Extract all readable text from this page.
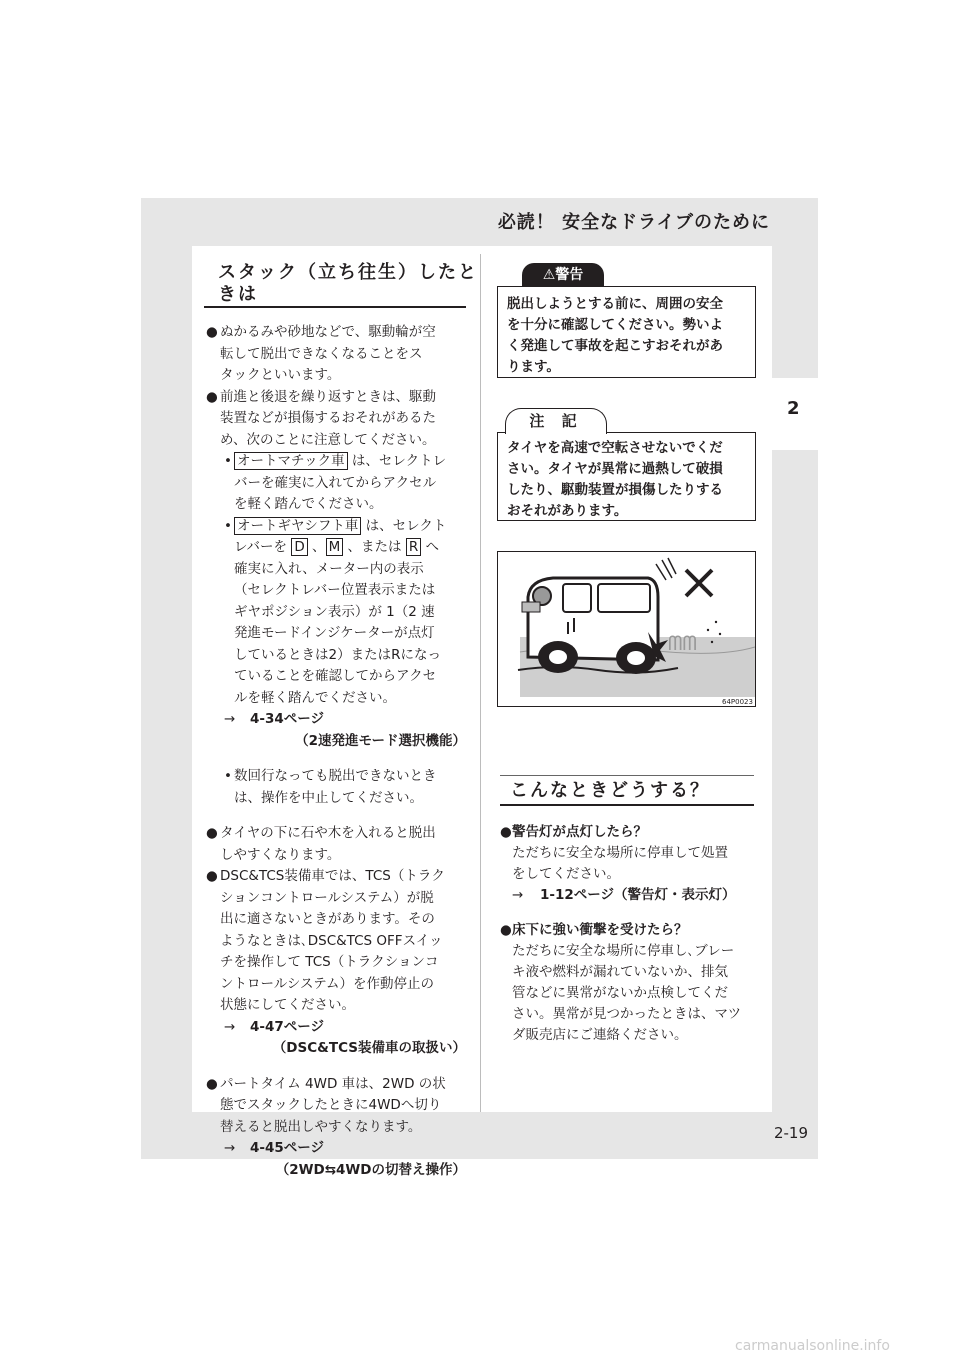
必読！ 安全なドライブのために
2
2-19
スタック（立ち往生）したと
きは
● ぬかるみや砂地などで、駆動輪が空

転して脱出できなくなることをス

タックといいます。

● 前進と後退を繰り返すときは、駆動

装置などが損傷するおそれがあるた

め、次のことに注意してください。

• オートマチック車 は、セレクトレ

バーを確実に入れてからアクセル

を軽く踏んでください。

• オートギヤシフト車 は、セレクト

レバーを D 、 M 、または R へ

確実に入れ、メーター内の表示

（セレクトレバー位置表示または

ギヤポジション表示）が 1（2 速

発進モードインジケーターが点灯

しているときは2）またはRになっ

ていることを確認してからアクセ

ルを軽く踏んでください。

→ 4-34ページ

（2速発進モード選択機能）

• 数回行なっても脱出できないとき

は、操作を中止してください。

● タイヤの下に石や木を入れると脱出

しやすくなります。

● DSC&TCS装備車では、TCS（トラク

ションコントロールシステム）が脱

出に適さないときがあります。その

ようなときは､DSC&TCS OFFスイッ

チを操作して TCS（トラクションコ

ントロールシステム）を作動停止の

状態にしてください。

→ 4-47ページ

（DSC&TCS装備車の取扱い）

● パートタイム 4WD 車は、2WD の状

態でスタックしたときに4WDへ切り

替えると脱出しやすくなります。

→ 4-45ページ

（2WD⇆4WDの切替え操作）

⚠警告
脱出しようとする前に、周囲の安全
を十分に確認してください。勢いよ
く発進して事故を起こすおそれがあ
ります。
注 記
タイヤを高速で空転させないでくだ
さい。タイヤが異常に過熱して破損
したり、駆動装置が損傷したりする
おそれがあります。
ᗰᗰ
64P0023
こんなときどうする？

● 警告灯が点灯したら？

ただちに安全な場所に停車して処置

をしてください。

→ 1-12ページ（警告灯・表示灯）

● 床下に強い衝撃を受けたら？

ただちに安全な場所に停車し､ブレー

キ液や燃料が漏れていないか、排気

管などに異常がないか点検してくだ

さい。異常が見つかったときは、マツ

ダ販売店にご連絡ください。

carmanualsonline.info
